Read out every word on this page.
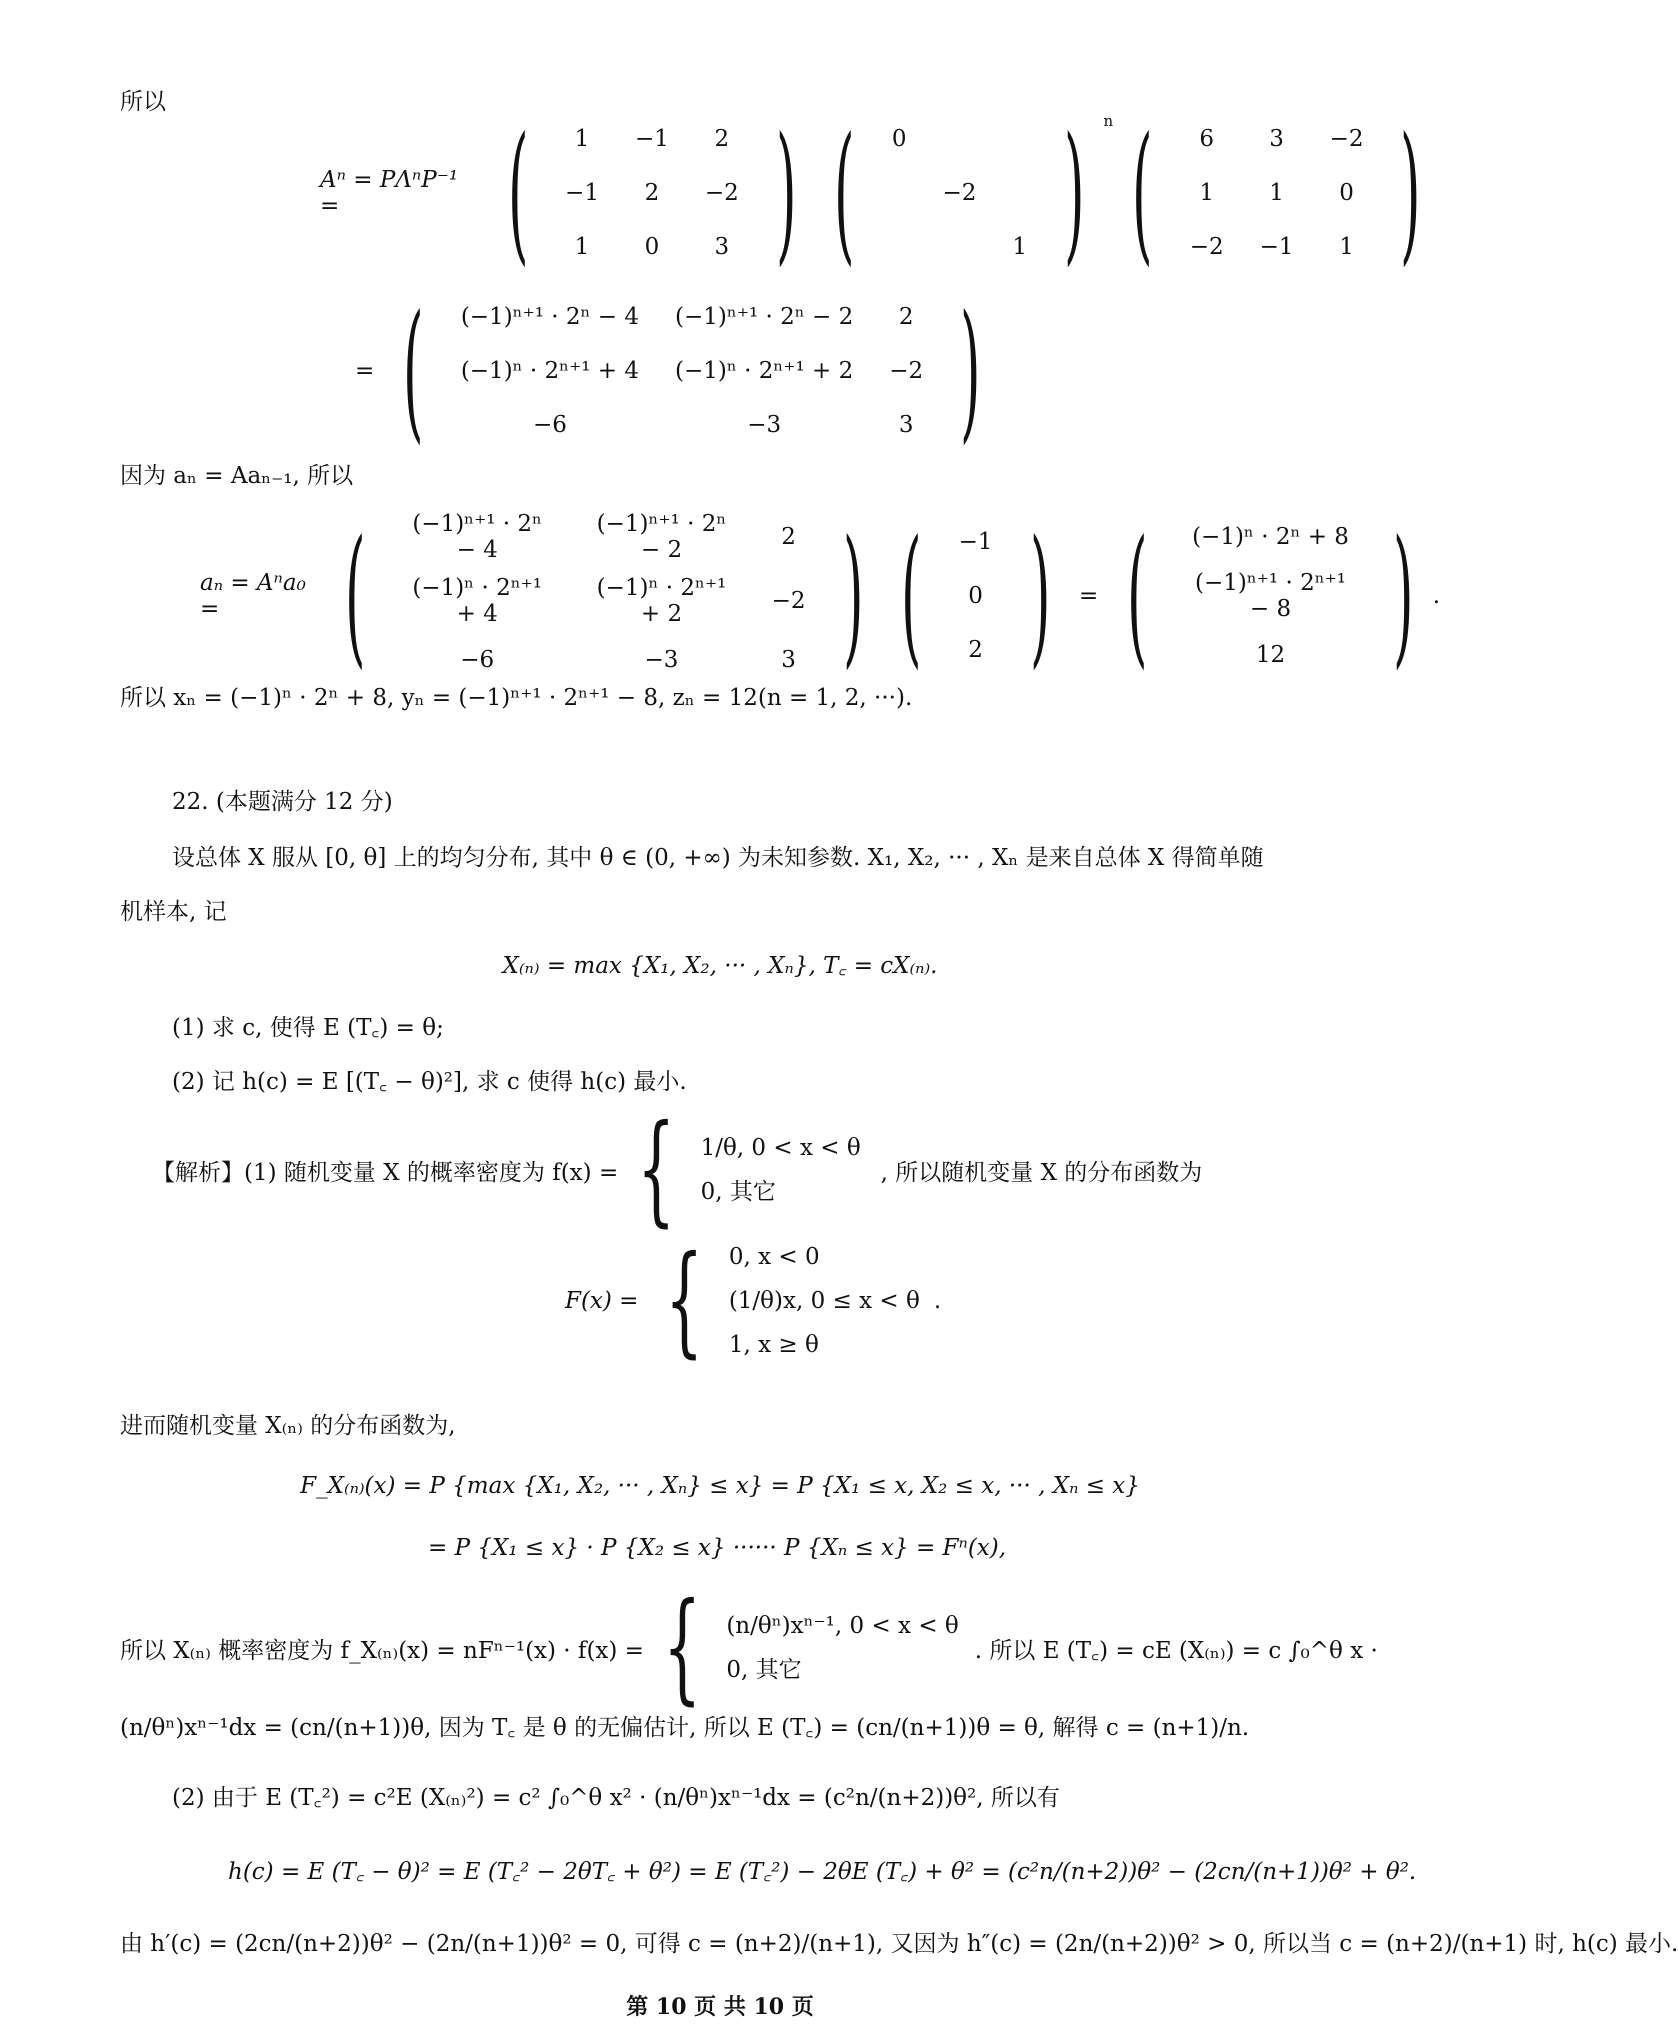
所以
Aⁿ = PΛⁿP⁻¹ =	( 1	−1	2
−1	2	−2
1	0	3 ) ( 0		
	−2	
		1 ) n ( 6	3	−2
1	1	0
−2	−1	1 )
= ( (−1)ⁿ⁺¹ · 2ⁿ − 4	(−1)ⁿ⁺¹ · 2ⁿ − 2	2
(−1)ⁿ · 2ⁿ⁺¹ + 4	(−1)ⁿ · 2ⁿ⁺¹ + 2	−2
−6	−3	3 )
因为 aₙ = Aaₙ₋₁, 所以
aₙ = Aⁿa₀ = ( (−1)ⁿ⁺¹ · 2ⁿ − 4	(−1)ⁿ⁺¹ · 2ⁿ − 2	2
(−1)ⁿ · 2ⁿ⁺¹ + 4	(−1)ⁿ · 2ⁿ⁺¹ + 2	−2
−6	−3	3 ) ( −1
0
2 ) = ( (−1)ⁿ · 2ⁿ + 8
(−1)ⁿ⁺¹ · 2ⁿ⁺¹ − 8
12 ) .
所以 xₙ = (−1)ⁿ · 2ⁿ + 8, yₙ = (−1)ⁿ⁺¹ · 2ⁿ⁺¹ − 8, zₙ = 12(n = 1, 2, ···).
22. (本题满分 12 分)
设总体 X 服从 [0, θ] 上的均匀分布, 其中 θ ∈ (0, +∞) 为未知参数. X₁, X₂, ··· , Xₙ 是来自总体 X 得简单随
机样本, 记
X₍ₙ₎ = max {X₁, X₂, ··· , Xₙ}, T꜀ = cX₍ₙ₎.
(1) 求 c, 使得 E (T꜀) = θ;
(2) 记 h(c) = E [(T꜀ − θ)²], 求 c 使得 h(c) 最小.
【解析】(1) 随机变量 X 的概率密度为 f(x) = { 1/θ, 0 < x < θ
0, 其它
, 所以随机变量 X 的分布函数为
F(x) = { 0, x < 0
(1/θ)x, 0 ≤ x < θ
1, x ≥ θ
.
进而随机变量 X₍ₙ₎ 的分布函数为,
F_X₍ₙ₎(x) = P {max {X₁, X₂, ··· , Xₙ} ≤ x} = P {X₁ ≤ x, X₂ ≤ x, ··· , Xₙ ≤ x}
= P {X₁ ≤ x} · P {X₂ ≤ x} ······ P {Xₙ ≤ x} = Fⁿ(x),
所以 X₍ₙ₎ 概率密度为 f_X₍ₙ₎(x) = nFⁿ⁻¹(x) · f(x) = { (n/θⁿ)xⁿ⁻¹, 0 < x < θ
0, 其它
. 所以 E (T꜀) = cE (X₍ₙ₎) = c ∫₀^θ x ·
(n/θⁿ)xⁿ⁻¹dx = (cn/(n+1))θ, 因为 T꜀ 是 θ 的无偏估计, 所以 E (T꜀) = (cn/(n+1))θ = θ, 解得 c = (n+1)/n.
(2) 由于 E (T꜀²) = c²E (X₍ₙ₎²) = c² ∫₀^θ x² · (n/θⁿ)xⁿ⁻¹dx = (c²n/(n+2))θ², 所以有
h(c) = E (T꜀ − θ)² = E (T꜀² − 2θT꜀ + θ²) = E (T꜀²) − 2θE (T꜀) + θ² = (c²n/(n+2))θ² − (2cn/(n+1))θ² + θ².
由 h′(c) = (2cn/(n+2))θ² − (2n/(n+1))θ² = 0, 可得 c = (n+2)/(n+1), 又因为 h″(c) = (2n/(n+2))θ² > 0, 所以当 c = (n+2)/(n+1) 时, h(c) 最小.
第 10 页 共 10 页
